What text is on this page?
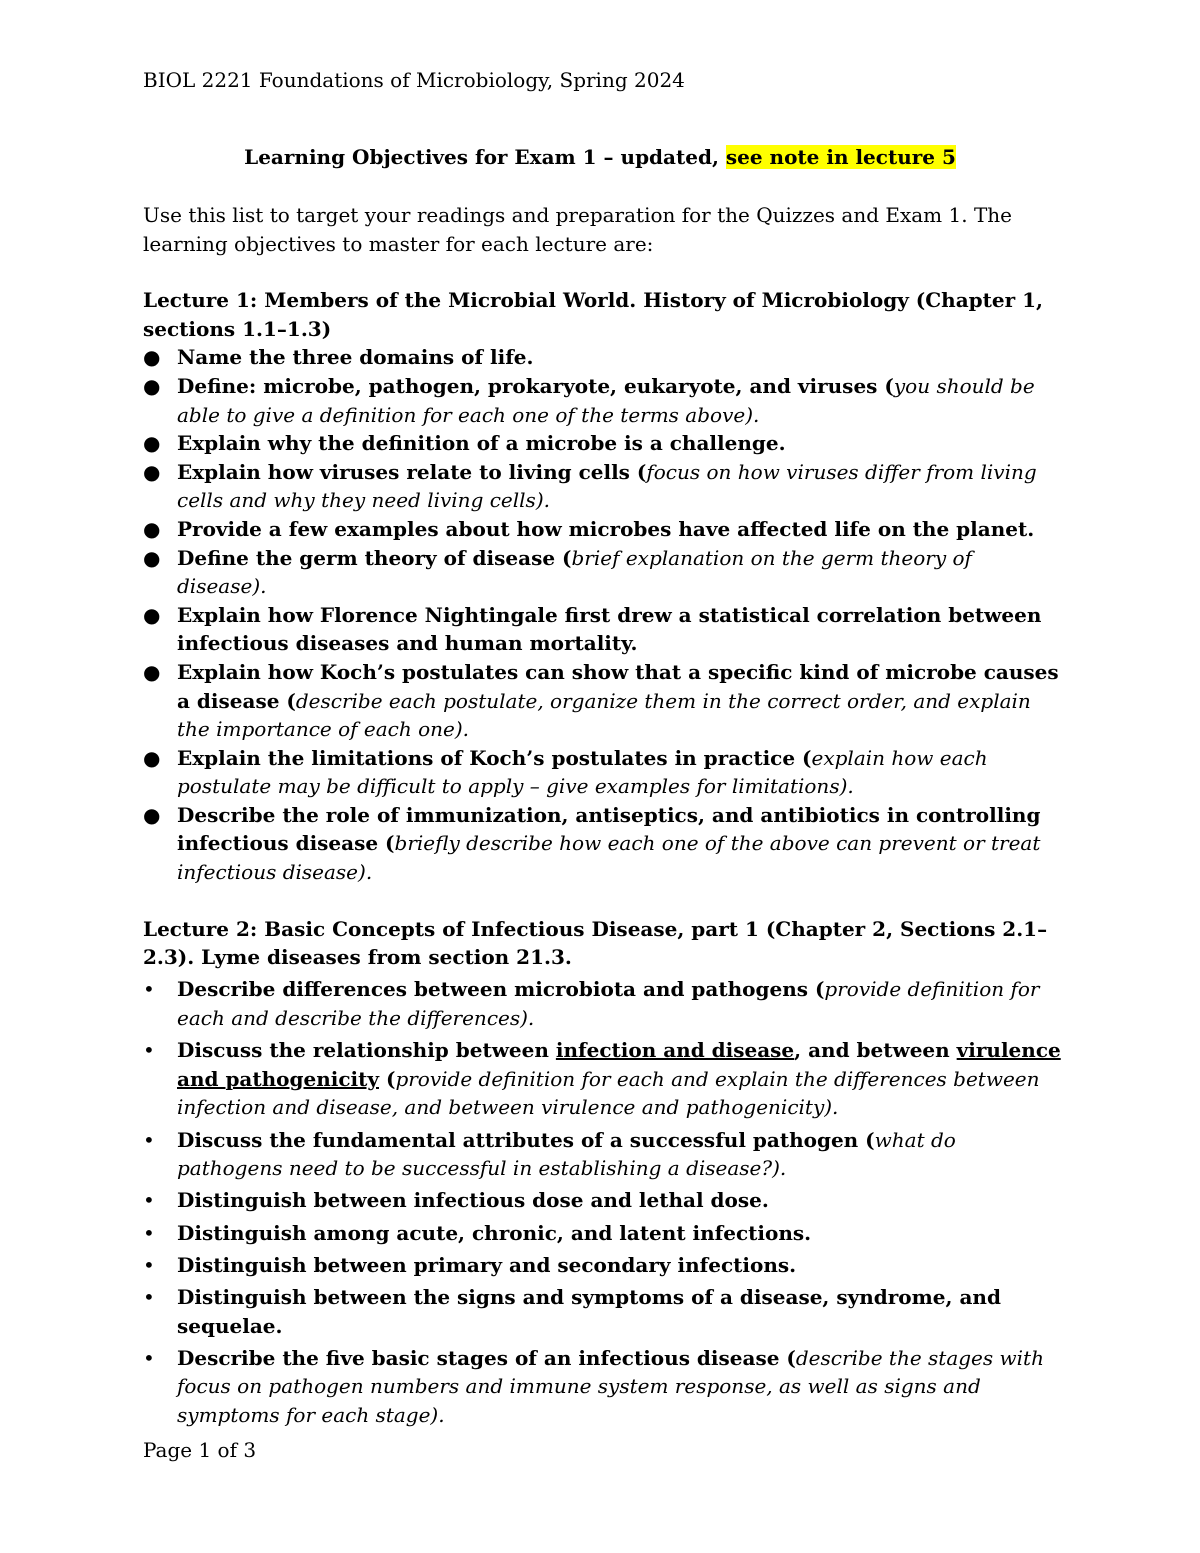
BIOL 2221 Foundations of Microbiology, Spring 2024
Learning Objectives for Exam 1 – updated, see note in lecture 5

Use this list to target your readings and preparation for the Quizzes and Exam 1. The learning objectives to master for each lecture are:

Lecture 1: Members of the Microbial World. History of Microbiology (Chapter 1, sections 1.1–1.3)

● Name the three domains of life.
● Define: microbe, pathogen, prokaryote, eukaryote, and viruses (you should be able to give a definition for each one of the terms above).
● Explain why the definition of a microbe is a challenge.
● Explain how viruses relate to living cells (focus on how viruses differ from living cells and why they need living cells).
● Provide a few examples about how microbes have affected life on the planet.
● Define the germ theory of disease (brief explanation on the germ theory of disease).
● Explain how Florence Nightingale first drew a statistical correlation between infectious diseases and human mortality.
● Explain how Koch’s postulates can show that a specific kind of microbe causes a disease (describe each postulate, organize them in the correct order, and explain the importance of each one).
● Explain the limitations of Koch’s postulates in practice (explain how each postulate may be difficult to apply – give examples for limitations).
● Describe the role of immunization, antiseptics, and antibiotics in controlling infectious disease (briefly describe how each one of the above can prevent or treat infectious disease).

Lecture 2: Basic Concepts of Infectious Disease, part 1 (Chapter 2, Sections 2.1–2.3). Lyme diseases from section 21.3.

•	Describe differences between microbiota and pathogens (provide definition for each and describe the differences).
•	Discuss the relationship between infection and disease, and between virulence and pathogenicity (provide definition for each and explain the differences between infection and disease, and between virulence and pathogenicity).
•	Discuss the fundamental attributes of a successful pathogen (what do pathogens need to be successful in establishing a disease?).
•	Distinguish between infectious dose and lethal dose.
•	Distinguish among acute, chronic, and latent infections.
•	Distinguish between primary and secondary infections.
•	Distinguish between the signs and symptoms of a disease, syndrome, and sequelae.
•	Describe the five basic stages of an infectious disease (describe the stages with focus on pathogen numbers and immune system response, as well as signs and symptoms for each stage).
Page 1 of 3
